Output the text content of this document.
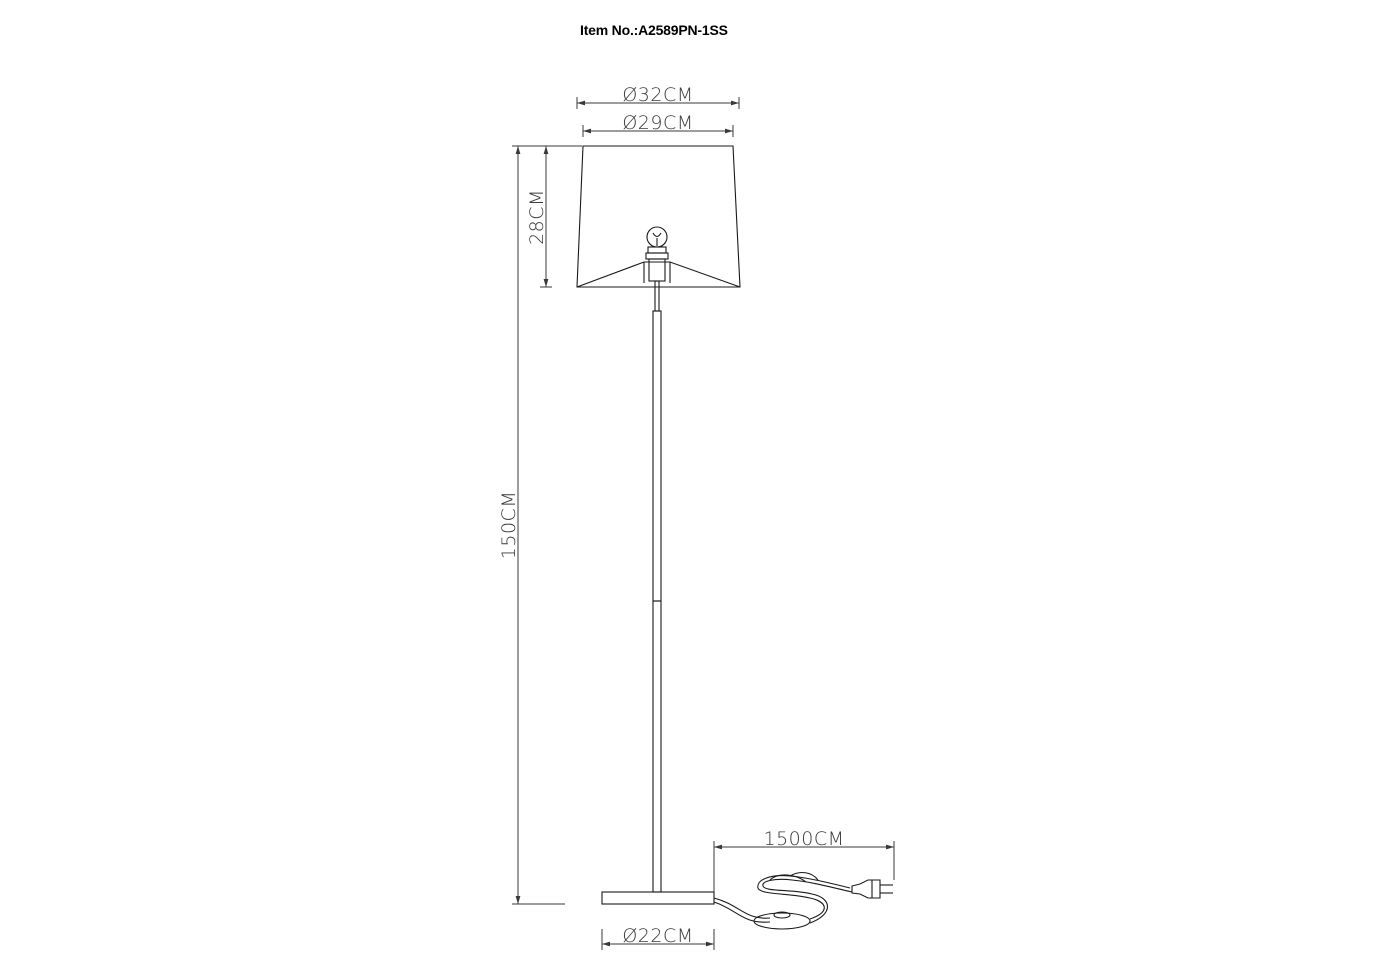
Item No.:A2589PN-1SS
Ø32CM
Ø29CM
150CM
28CM
1500CM
Ø22CM
